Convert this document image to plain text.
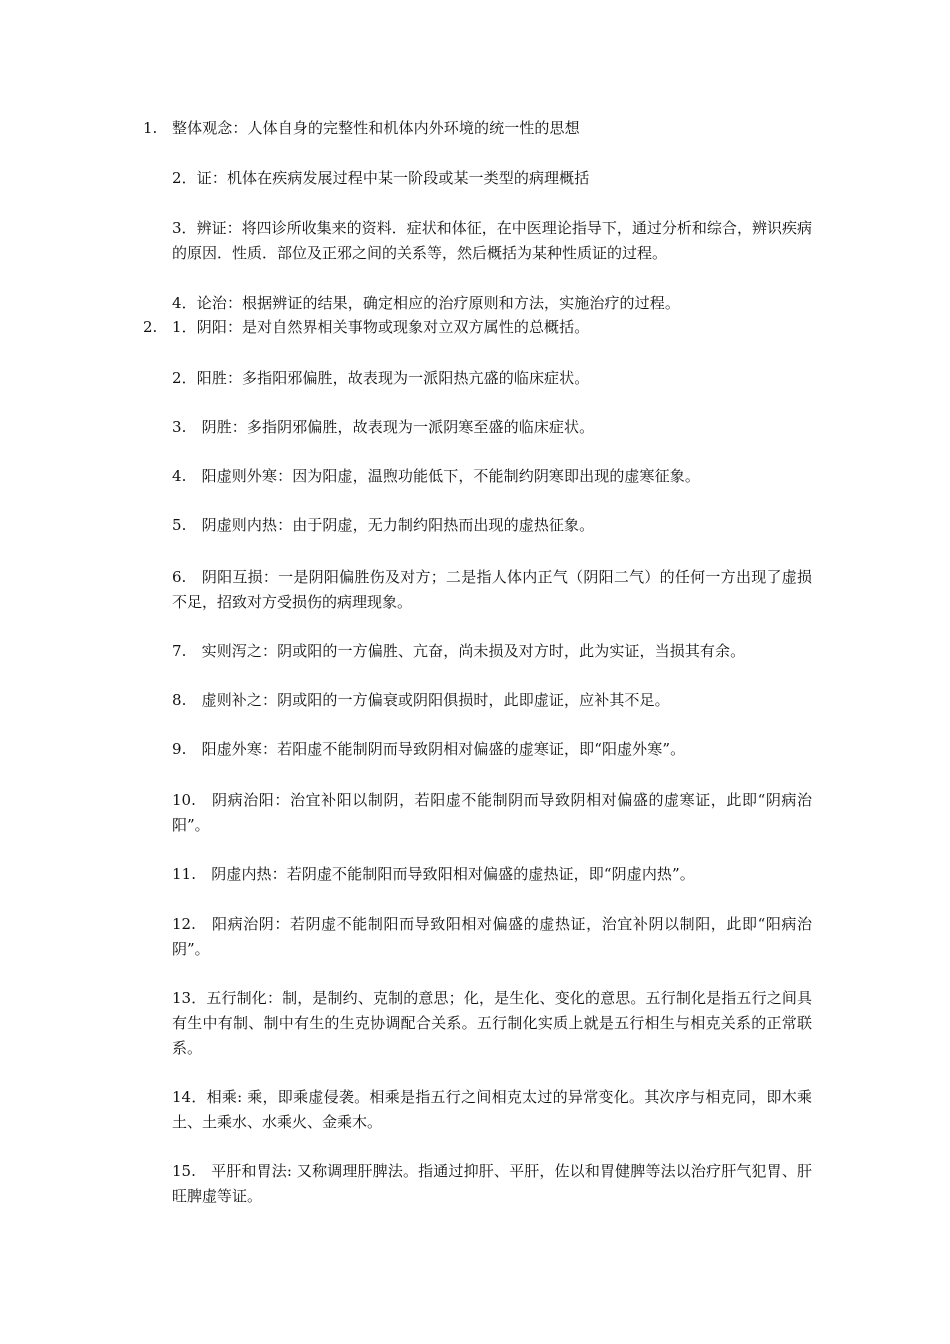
1. 整体观念：人体自身的完整性和机体内外环境的统一性的思想
2．证：机体在疾病发展过程中某一阶段或某一类型的病理概括
3．辨证：将四诊所收集来的资料．症状和体征，在中医理论指导下，通过分析和综合，辨识疾病的原因．性质．部位及正邪之间的关系等，然后概括为某种性质证的过程。
4．论治：根据辨证的结果，确定相应的治疗原则和方法，实施治疗的过程。
2. 1．阴阳：是对自然界相关事物或现象对立双方属性的总概括。
2．阳胜：多指阳邪偏胜，故表现为一派阳热亢盛的临床症状。
3.　阴胜：多指阴邪偏胜，故表现为一派阴寒至盛的临床症状。
4.　阳虚则外寒：因为阳虚，温煦功能低下，不能制约阴寒即出现的虚寒征象。
5.　阴虚则内热：由于阴虚，无力制约阳热而出现的虚热征象。
6.　阴阳互损：一是阴阳偏胜伤及对方；二是指人体内正气（阴阳二气）的任何一方出现了虚损不足，招致对方受损伤的病理现象。
7.　实则泻之：阴或阳的一方偏胜、亢奋，尚未损及对方时，此为实证，当损其有余。
8.　虚则补之：阴或阳的一方偏衰或阴阳俱损时，此即虚证，应补其不足。
9.　阳虚外寒：若阳虚不能制阴而导致阴相对偏盛的虚寒证，即“阳虚外寒”。
10.　阴病治阳：治宜补阳以制阴，若阳虚不能制阴而导致阴相对偏盛的虚寒证，此即“阴病治阳”。
11.　阴虚内热：若阴虚不能制阳而导致阳相对偏盛的虚热证，即“阴虚内热”。
12.　阳病治阴：若阴虚不能制阳而导致阳相对偏盛的虚热证，治宜补阴以制阳，此即“阳病治阴”。
13．五行制化：制，是制约、克制的意思；化，是生化、变化的意思。五行制化是指五行之间具有生中有制、制中有生的生克协调配合关系。五行制化实质上就是五行相生与相克关系的正常联系。
14．相乘: 乘，即乘虚侵袭。相乘是指五行之间相克太过的异常变化。其次序与相克同，即木乘土、土乘水、水乘火、金乘木。
15.　平肝和胃法: 又称调理肝脾法。指通过抑肝、平肝，佐以和胃健脾等法以治疗肝气犯胃、肝旺脾虚等证。
